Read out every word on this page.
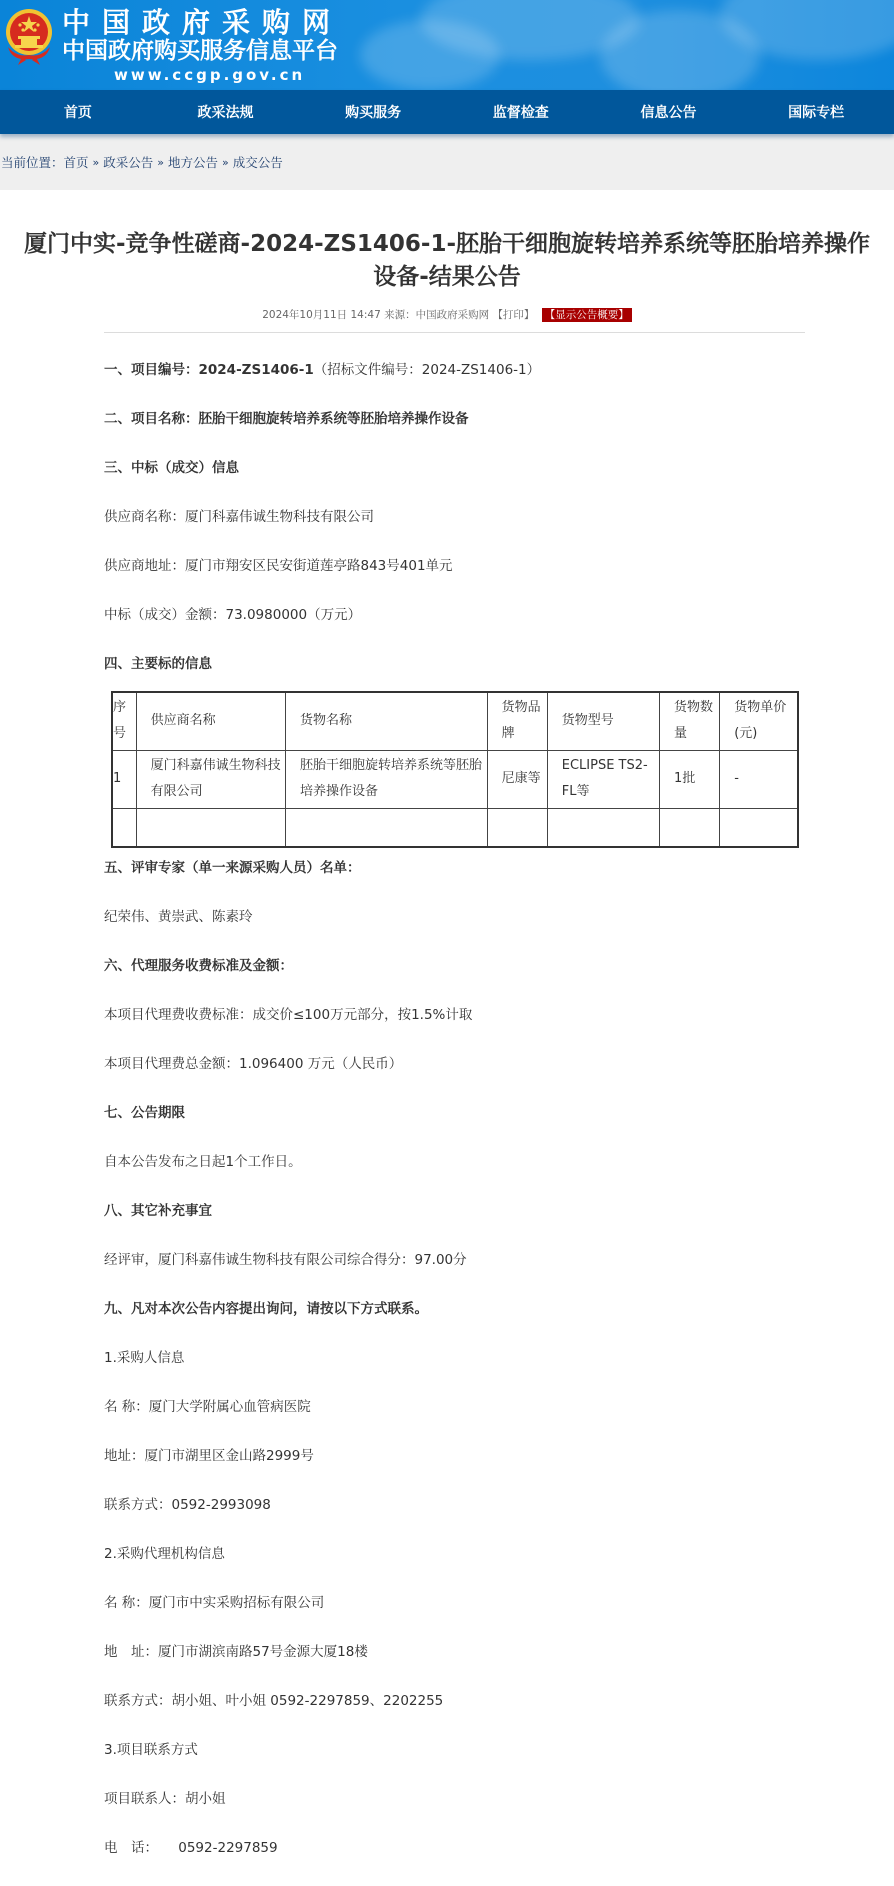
中国政府采购网
中国政府购买服务信息平台
www.ccgp.gov.cn
首页	政采法规	购买服务	监督检查	信息公告	国际专栏
当前位置： 首页 » 政采公告 » 地方公告 » 成交公告
厦门中实-竞争性磋商-2024-ZS1406-1-胚胎干细胞旋转培养系统等胚胎培养操作设备-结果公告
2024年10月11日 14:47 来源：中国政府采购网 【打印】 【显示公告概要】

一、项目编号：2024-ZS1406-1（招标文件编号：2024-ZS1406-1）

二、项目名称：胚胎干细胞旋转培养系统等胚胎培养操作设备

三、中标（成交）信息

供应商名称：厦门科嘉伟诚生物科技有限公司

供应商地址：厦门市翔安区民安街道莲亭路843号401单元

中标（成交）金额：73.0980000（万元）

四、主要标的信息

序号	供应商名称	货物名称	货物品牌	货物型号	货物数量	货物单价(元)
1	厦门科嘉伟诚生物科技有限公司	胚胎干细胞旋转培养系统等胚胎培养操作设备	尼康等	ECLIPSE TS2-FL等	1批	-

五、评审专家（单一来源采购人员）名单：

纪荣伟、黄崇武、陈素玲

六、代理服务收费标准及金额：

本项目代理费收费标准：成交价≤100万元部分，按1.5%计取

本项目代理费总金额：1.096400 万元（人民币）

七、公告期限

自本公告发布之日起1个工作日。

八、其它补充事宜

经评审，厦门科嘉伟诚生物科技有限公司综合得分：97.00分

九、凡对本次公告内容提出询问，请按以下方式联系。

1.采购人信息

名 称：厦门大学附属心血管病医院

地址：厦门市湖里区金山路2999号

联系方式：0592-2993098

2.采购代理机构信息

名 称：厦门市中实采购招标有限公司

地　址：厦门市湖滨南路57号金源大厦18楼

联系方式：胡小姐、叶小姐 0592-2297859、2202255

3.项目联系方式

项目联系人：胡小姐

电　话：　　0592-2297859
